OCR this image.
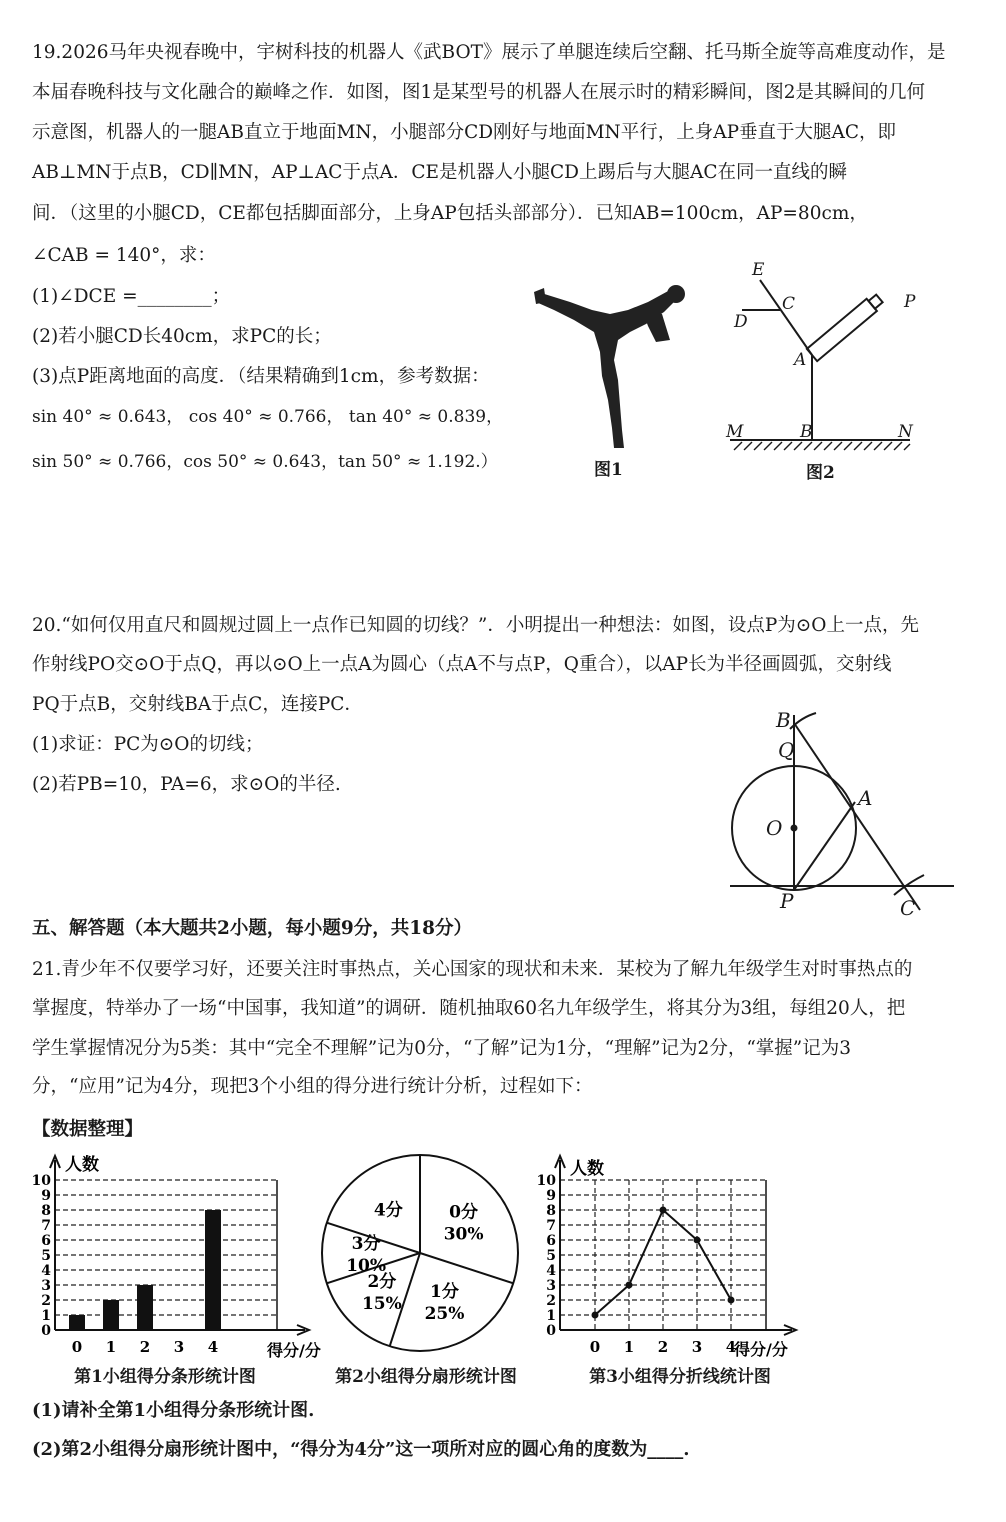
19.2026马年央视春晚中，宇树科技的机器人《武BOT》展示了单腿连续后空翻、托马斯全旋等高难度动作，是
本届春晚科技与文化融合的巅峰之作．如图，图1是某型号的机器人在展示时的精彩瞬间，图2是其瞬间的几何
示意图，机器人的一腿AB直立于地面MN，小腿部分CD刚好与地面MN平行，上身AP垂直于大腿AC，即
AB⊥MN于点B，CD∥MN，AP⊥AC于点A．CE是机器人小腿CD上踢后与大腿AC在同一直线的瞬
间．（这里的小腿CD，CE都包括脚面部分，上身AP包括头部部分）．已知AB=100cm，AP=80cm，
∠CAB = 140°，求：
(1)∠DCE =________；
(2)若小腿CD长40cm，求PC的长；
(3)点P距离地面的高度．（结果精确到1cm，参考数据：
sin 40° ≈ 0.643， cos 40° ≈ 0.766， tan 40° ≈ 0.839，
sin 50° ≈ 0.766，cos 50° ≈ 0.643，tan 50° ≈ 1.192.）	图1
E
C
D
A
P
M	B	N
图2
20.“如何仅用直尺和圆规过圆上一点作已知圆的切线？”．小明提出一种想法：如图，设点P为⊙O上一点，先
作射线PO交⊙O于点Q，再以⊙O上一点A为圆心（点A不与点P，Q重合），以AP长为半径画圆弧，交射线
PQ于点B，交射线BA于点C，连接PC．
(1)求证：PC为⊙O的切线；
(2)若PB=10，PA=6，求⊙O的半径.
B
Q
A
O
P	C
五、解答题（本大题共2小题，每小题9分，共18分）
21.青少年不仅要学习好，还要关注时事热点，关心国家的现状和未来．某校为了解九年级学生对时事热点的
掌握度，特举办了一场“中国事，我知道”的调研．随机抽取60名九年级学生，将其分为3组，每组20人，把
学生掌握情况分为5类：其中“完全不理解”记为0分，“了解”记为1分，“理解”记为2分，“掌握”记为3
分，“应用”记为4分，现把3个小组的得分进行统计分析，过程如下：
【数据整理】
人数
得分/分
0
1
2
3
4
5
6
7
8
9
10
0 1 2 3 4
第1小组得分条形统计图
0分
30%
1分
25%
2分
15%
3分
10%
4分
第2小组得分扇形统计图
人数
得分/分
0
1
2
3
4
5
6
7
8
9
10
0 1 2 3 4
第3小组得分折线统计图
(1)请补全第1小组得分条形统计图.
(2)第2小组得分扇形统计图中，“得分为4分”这一项所对应的圆心角的度数为____.
